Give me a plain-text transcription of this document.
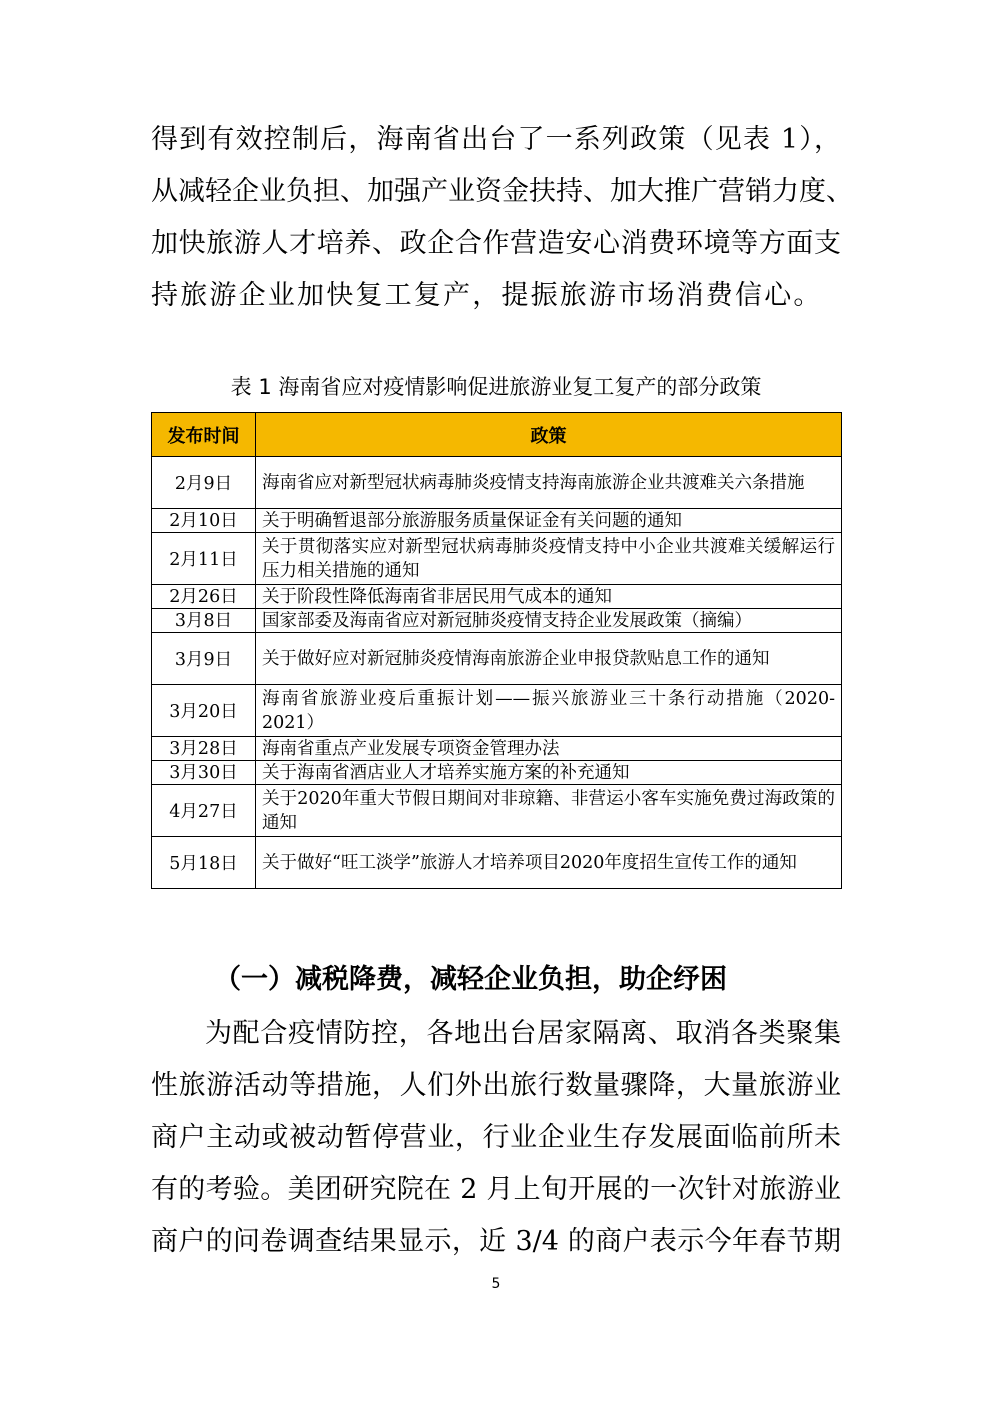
得到有效控制后，海南省出台了一系列政策（见表 1），
从减轻企业负担、加强产业资金扶持、加大推广营销力度、
加快旅游人才培养、政企合作营造安心消费环境等方面支
持旅游企业加快复工复产，提振旅游市场消费信心。
表 1 海南省应对疫情影响促进旅游业复工复产的部分政策
发布时间	政策
2月9日	海南省应对新型冠状病毒肺炎疫情支持海南旅游企业共渡难关六条措施
2月10日	关于明确暂退部分旅游服务质量保证金有关问题的通知
2月11日	关于贯彻落实应对新型冠状病毒肺炎疫情支持中小企业共渡难关缓解运行压力相关措施的通知
2月26日	关于阶段性降低海南省非居民用气成本的通知
3月8日	国家部委及海南省应对新冠肺炎疫情支持企业发展政策（摘编）
3月9日	关于做好应对新冠肺炎疫情海南旅游企业申报贷款贴息工作的通知
3月20日	海南省旅游业疫后重振计划——振兴旅游业三十条行动措施（2020-2021）
3月28日	海南省重点产业发展专项资金管理办法
3月30日	关于海南省酒店业人才培养实施方案的补充通知
4月27日	关于2020年重大节假日期间对非琼籍、非营运小客车实施免费过海政策的通知
5月18日	关于做好“旺工淡学”旅游人才培养项目2020年度招生宣传工作的通知
（一）减税降费，减轻企业负担，助企纾困
为配合疫情防控，各地出台居家隔离、取消各类聚集
性旅游活动等措施，人们外出旅行数量骤降，大量旅游业
商户主动或被动暂停营业，行业企业生存发展面临前所未
有的考验。美团研究院在 2 月上旬开展的一次针对旅游业
商户的问卷调查结果显示，近 3/4 的商户表示今年春节期
5
